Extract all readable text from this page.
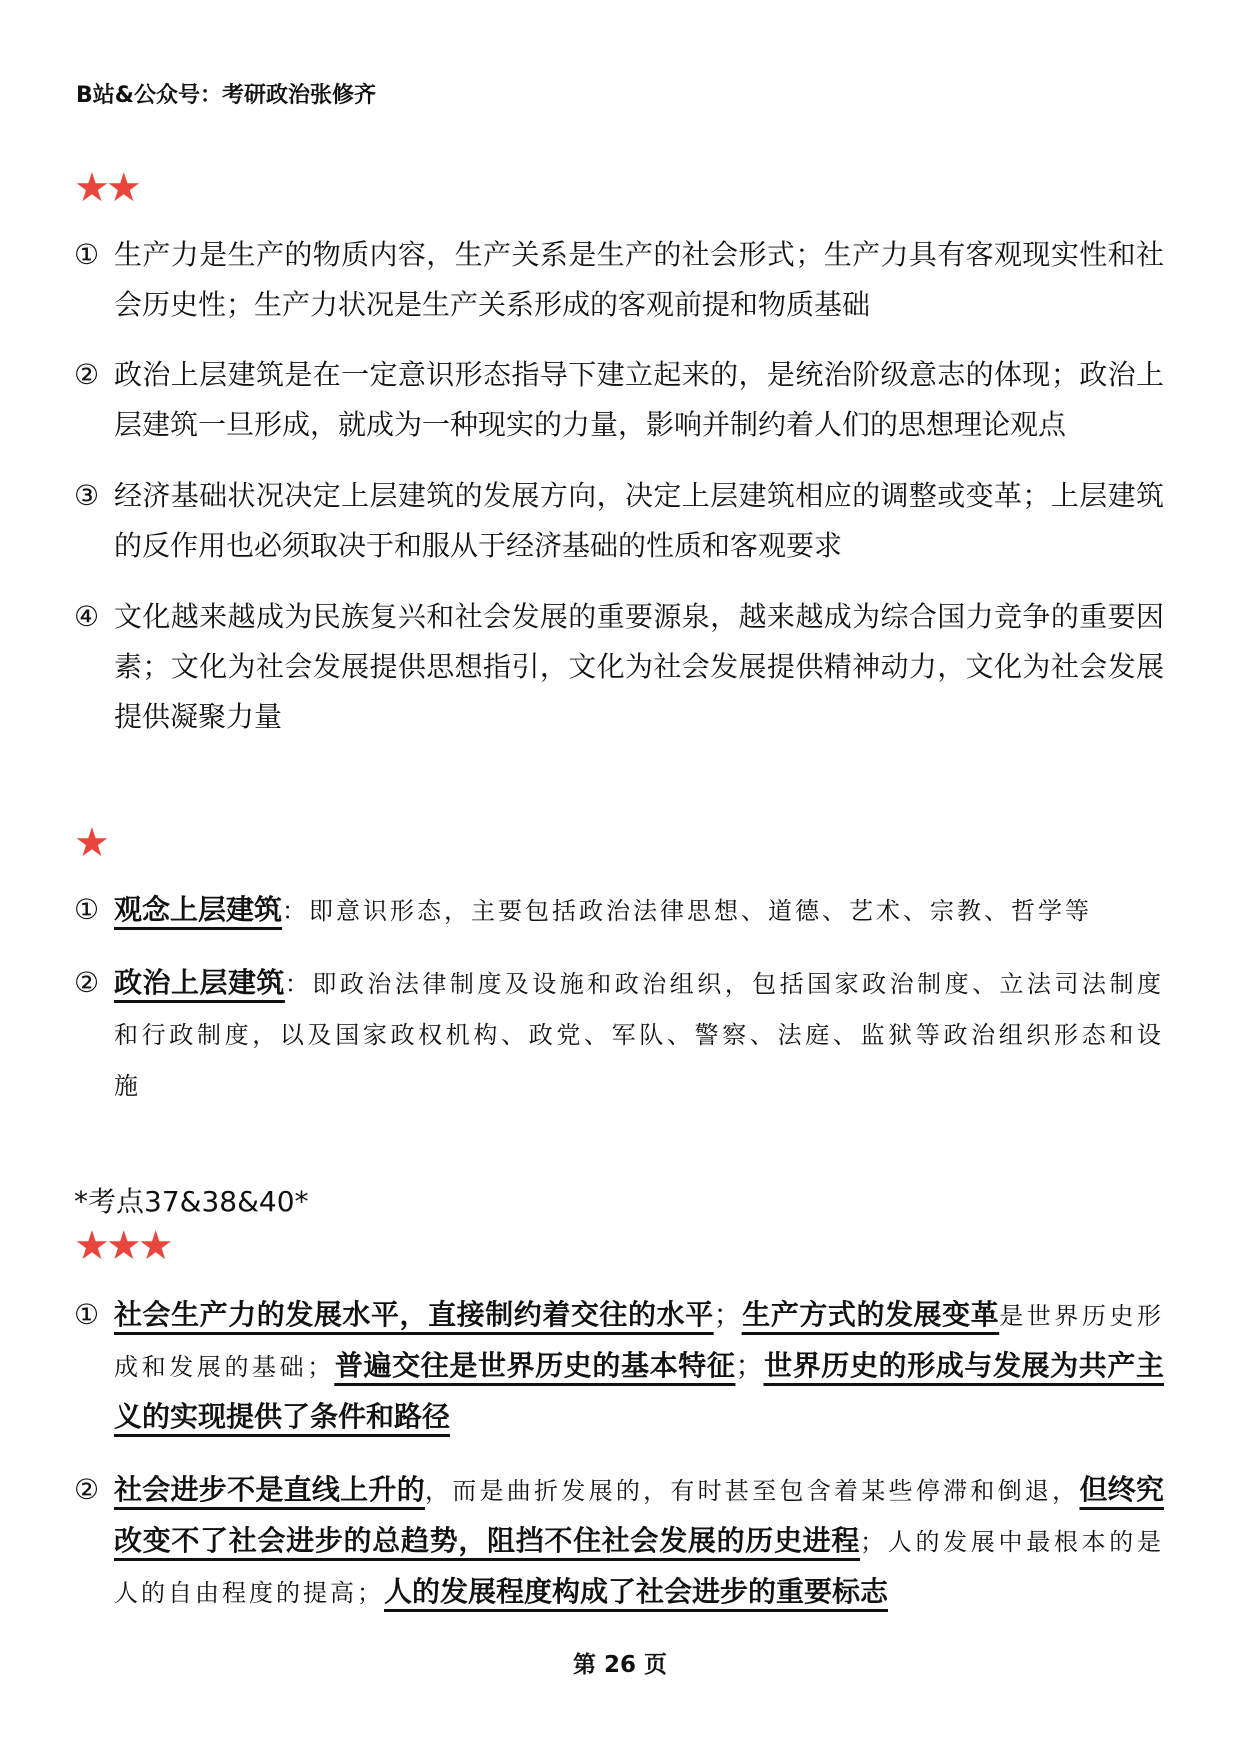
B站&公众号：考研政治张修齐
★★
① 生产力是生产的物质内容，生产关系是生产的社会形式；生产力具有客观现实性和社会历史性；生产力状况是生产关系形成的客观前提和物质基础
② 政治上层建筑是在一定意识形态指导下建立起来的，是统治阶级意志的体现；政治上层建筑一旦形成，就成为一种现实的力量，影响并制约着人们的思想理论观点
③ 经济基础状况决定上层建筑的发展方向，决定上层建筑相应的调整或变革；上层建筑的反作用也必须取决于和服从于经济基础的性质和客观要求
④ 文化越来越成为民族复兴和社会发展的重要源泉，越来越成为综合国力竞争的重要因素；文化为社会发展提供思想指引，文化为社会发展提供精神动力，文化为社会发展提供凝聚力量
★
① 观念上层建筑：即意识形态，主要包括政治法律思想、道德、艺术、宗教、哲学等
② 政治上层建筑：即政治法律制度及设施和政治组织，包括国家政治制度、立法司法制度和行政制度，以及国家政权机构、政党、军队、警察、法庭、监狱等政治组织形态和设施
*考点37&38&40*
★★★
① 社会生产力的发展水平，直接制约着交往的水平；生产方式的发展变革是世界历史形成和发展的基础；普遍交往是世界历史的基本特征；世界历史的形成与发展为共产主义的实现提供了条件和路径
② 社会进步不是直线上升的，而是曲折发展的，有时甚至包含着某些停滞和倒退，但终究改变不了社会进步的总趋势，阻挡不住社会发展的历史进程；人的发展中最根本的是人的自由程度的提高；人的发展程度构成了社会进步的重要标志
第 26 页
